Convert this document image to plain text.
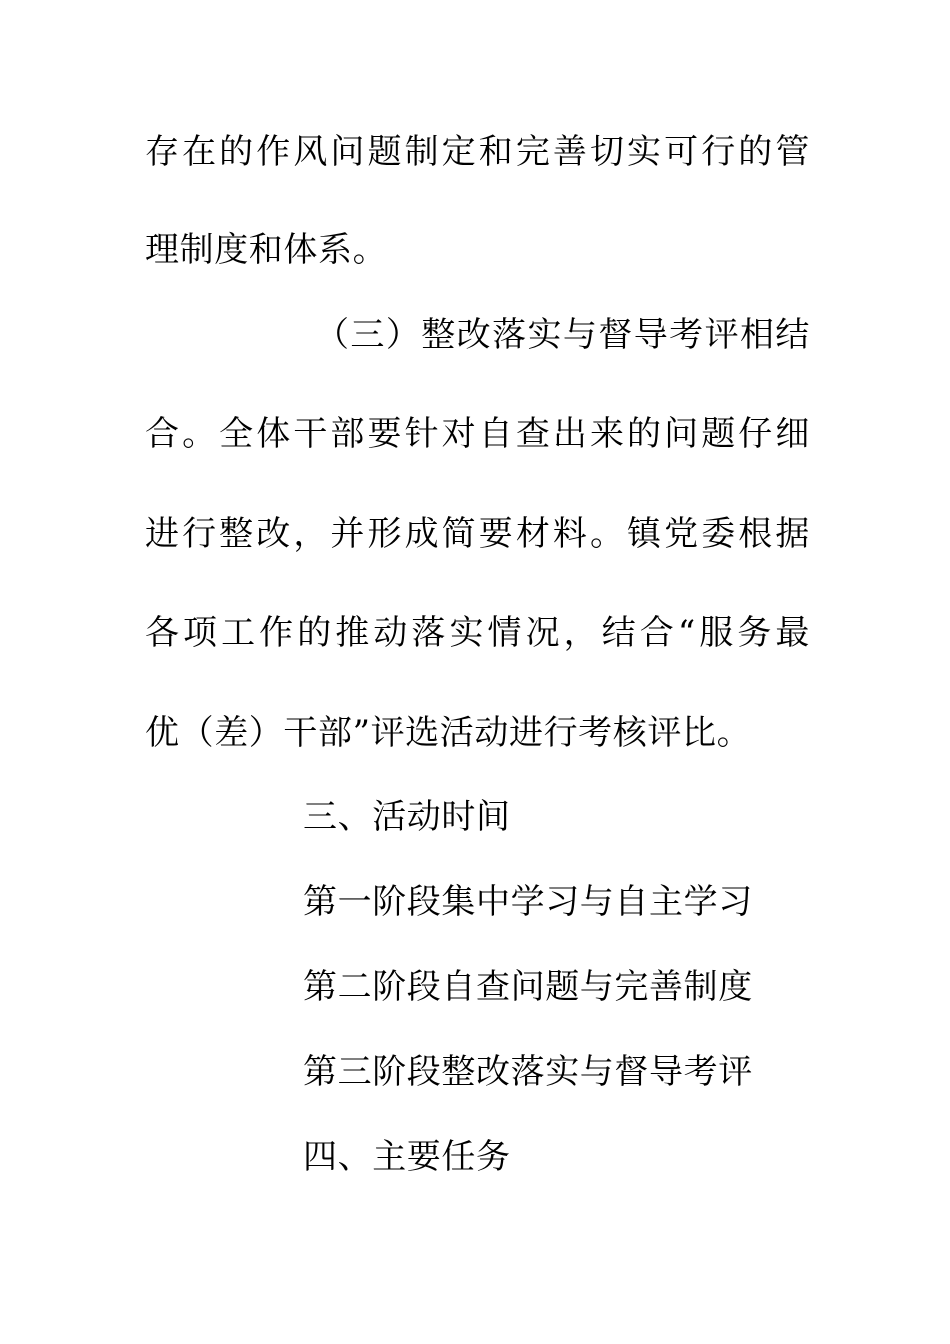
存在的作风问题制定和完善切实可行的管
理制度和体系。
（三）整改落实与督导考评相结
合。全体干部要针对自查出来的问题仔细
进行整改，并形成简要材料。镇党委根据
各项工作的推动落实情况，结合“服务最
优（差）干部”评选活动进行考核评比。
三、活动时间
第一阶段集中学习与自主学习
第二阶段自查问题与完善制度
第三阶段整改落实与督导考评
四、主要任务
